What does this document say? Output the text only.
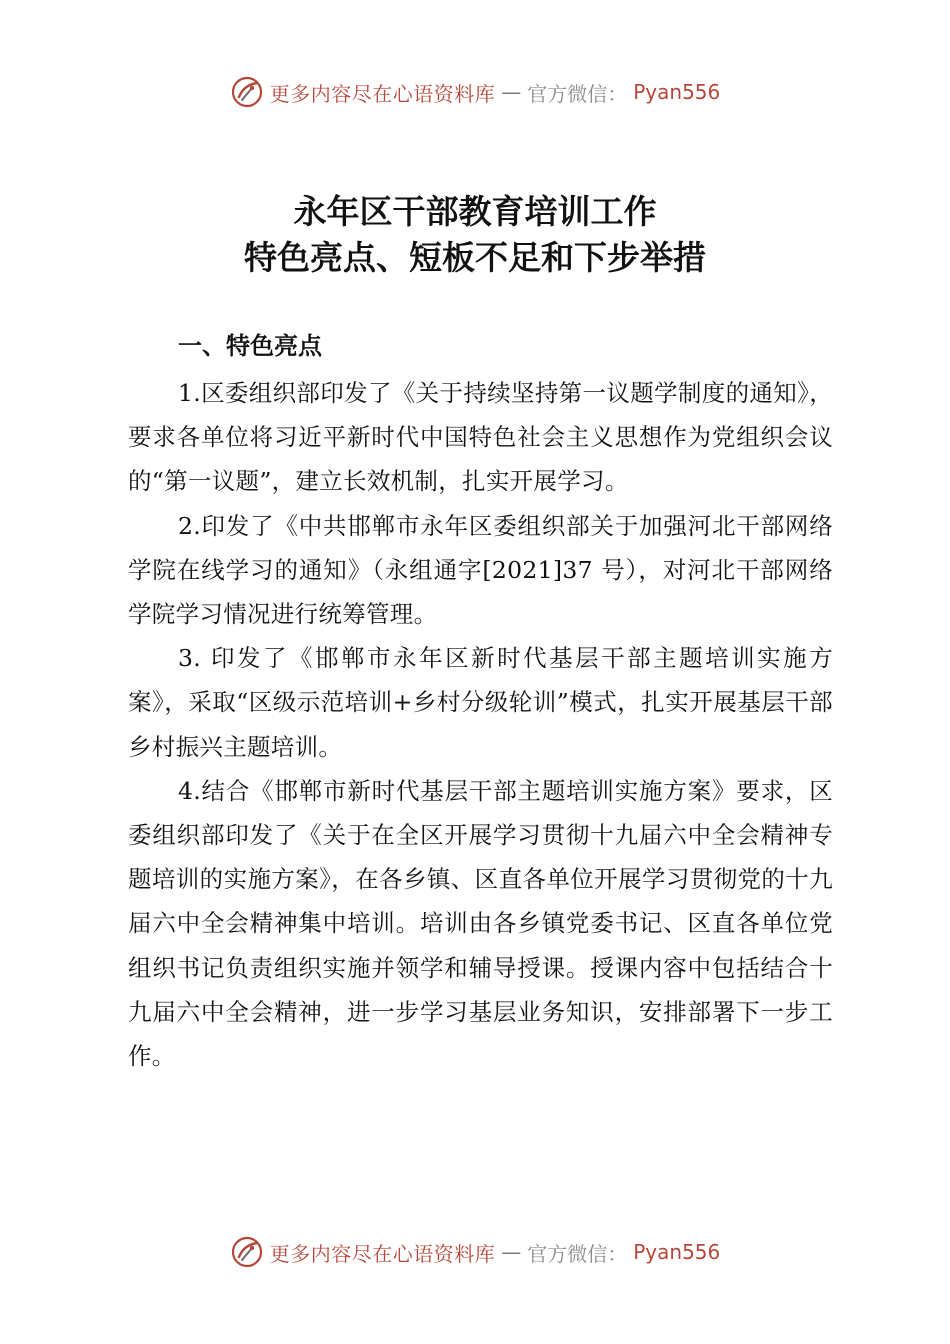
更多内容尽在心语资料库 — 官方微信： Pyan556
永年区干部教育培训工作
特色亮点、短板不足和下步举措
一、特色亮点

1.区委组织部印发了《关于持续坚持第一议题学制度的通知》，要求各单位将习近平新时代中国特色社会主义思想作为党组织会议的“第一议题”，建立长效机制，扎实开展学习。

2.印发了《中共邯郸市永年区委组织部关于加强河北干部网络学院在线学习的通知》（永组通字[2021]37 号），对河北干部网络学院学习情况进行统筹管理。

3. 印发了《邯郸市永年区新时代基层干部主题培训实施方案》，采取“区级示范培训+乡村分级轮训”模式，扎实开展基层干部乡村振兴主题培训。

4.结合《邯郸市新时代基层干部主题培训实施方案》要求，区委组织部印发了《关于在全区开展学习贯彻十九届六中全会精神专题培训的实施方案》，在各乡镇、区直各单位开展学习贯彻党的十九届六中全会精神集中培训。培训由各乡镇党委书记、区直各单位党组织书记负责组织实施并领学和辅导授课。授课内容中包括结合十九届六中全会精神，进一步学习基层业务知识，安排部署下一步工作。

更多内容尽在心语资料库 — 官方微信： Pyan556
